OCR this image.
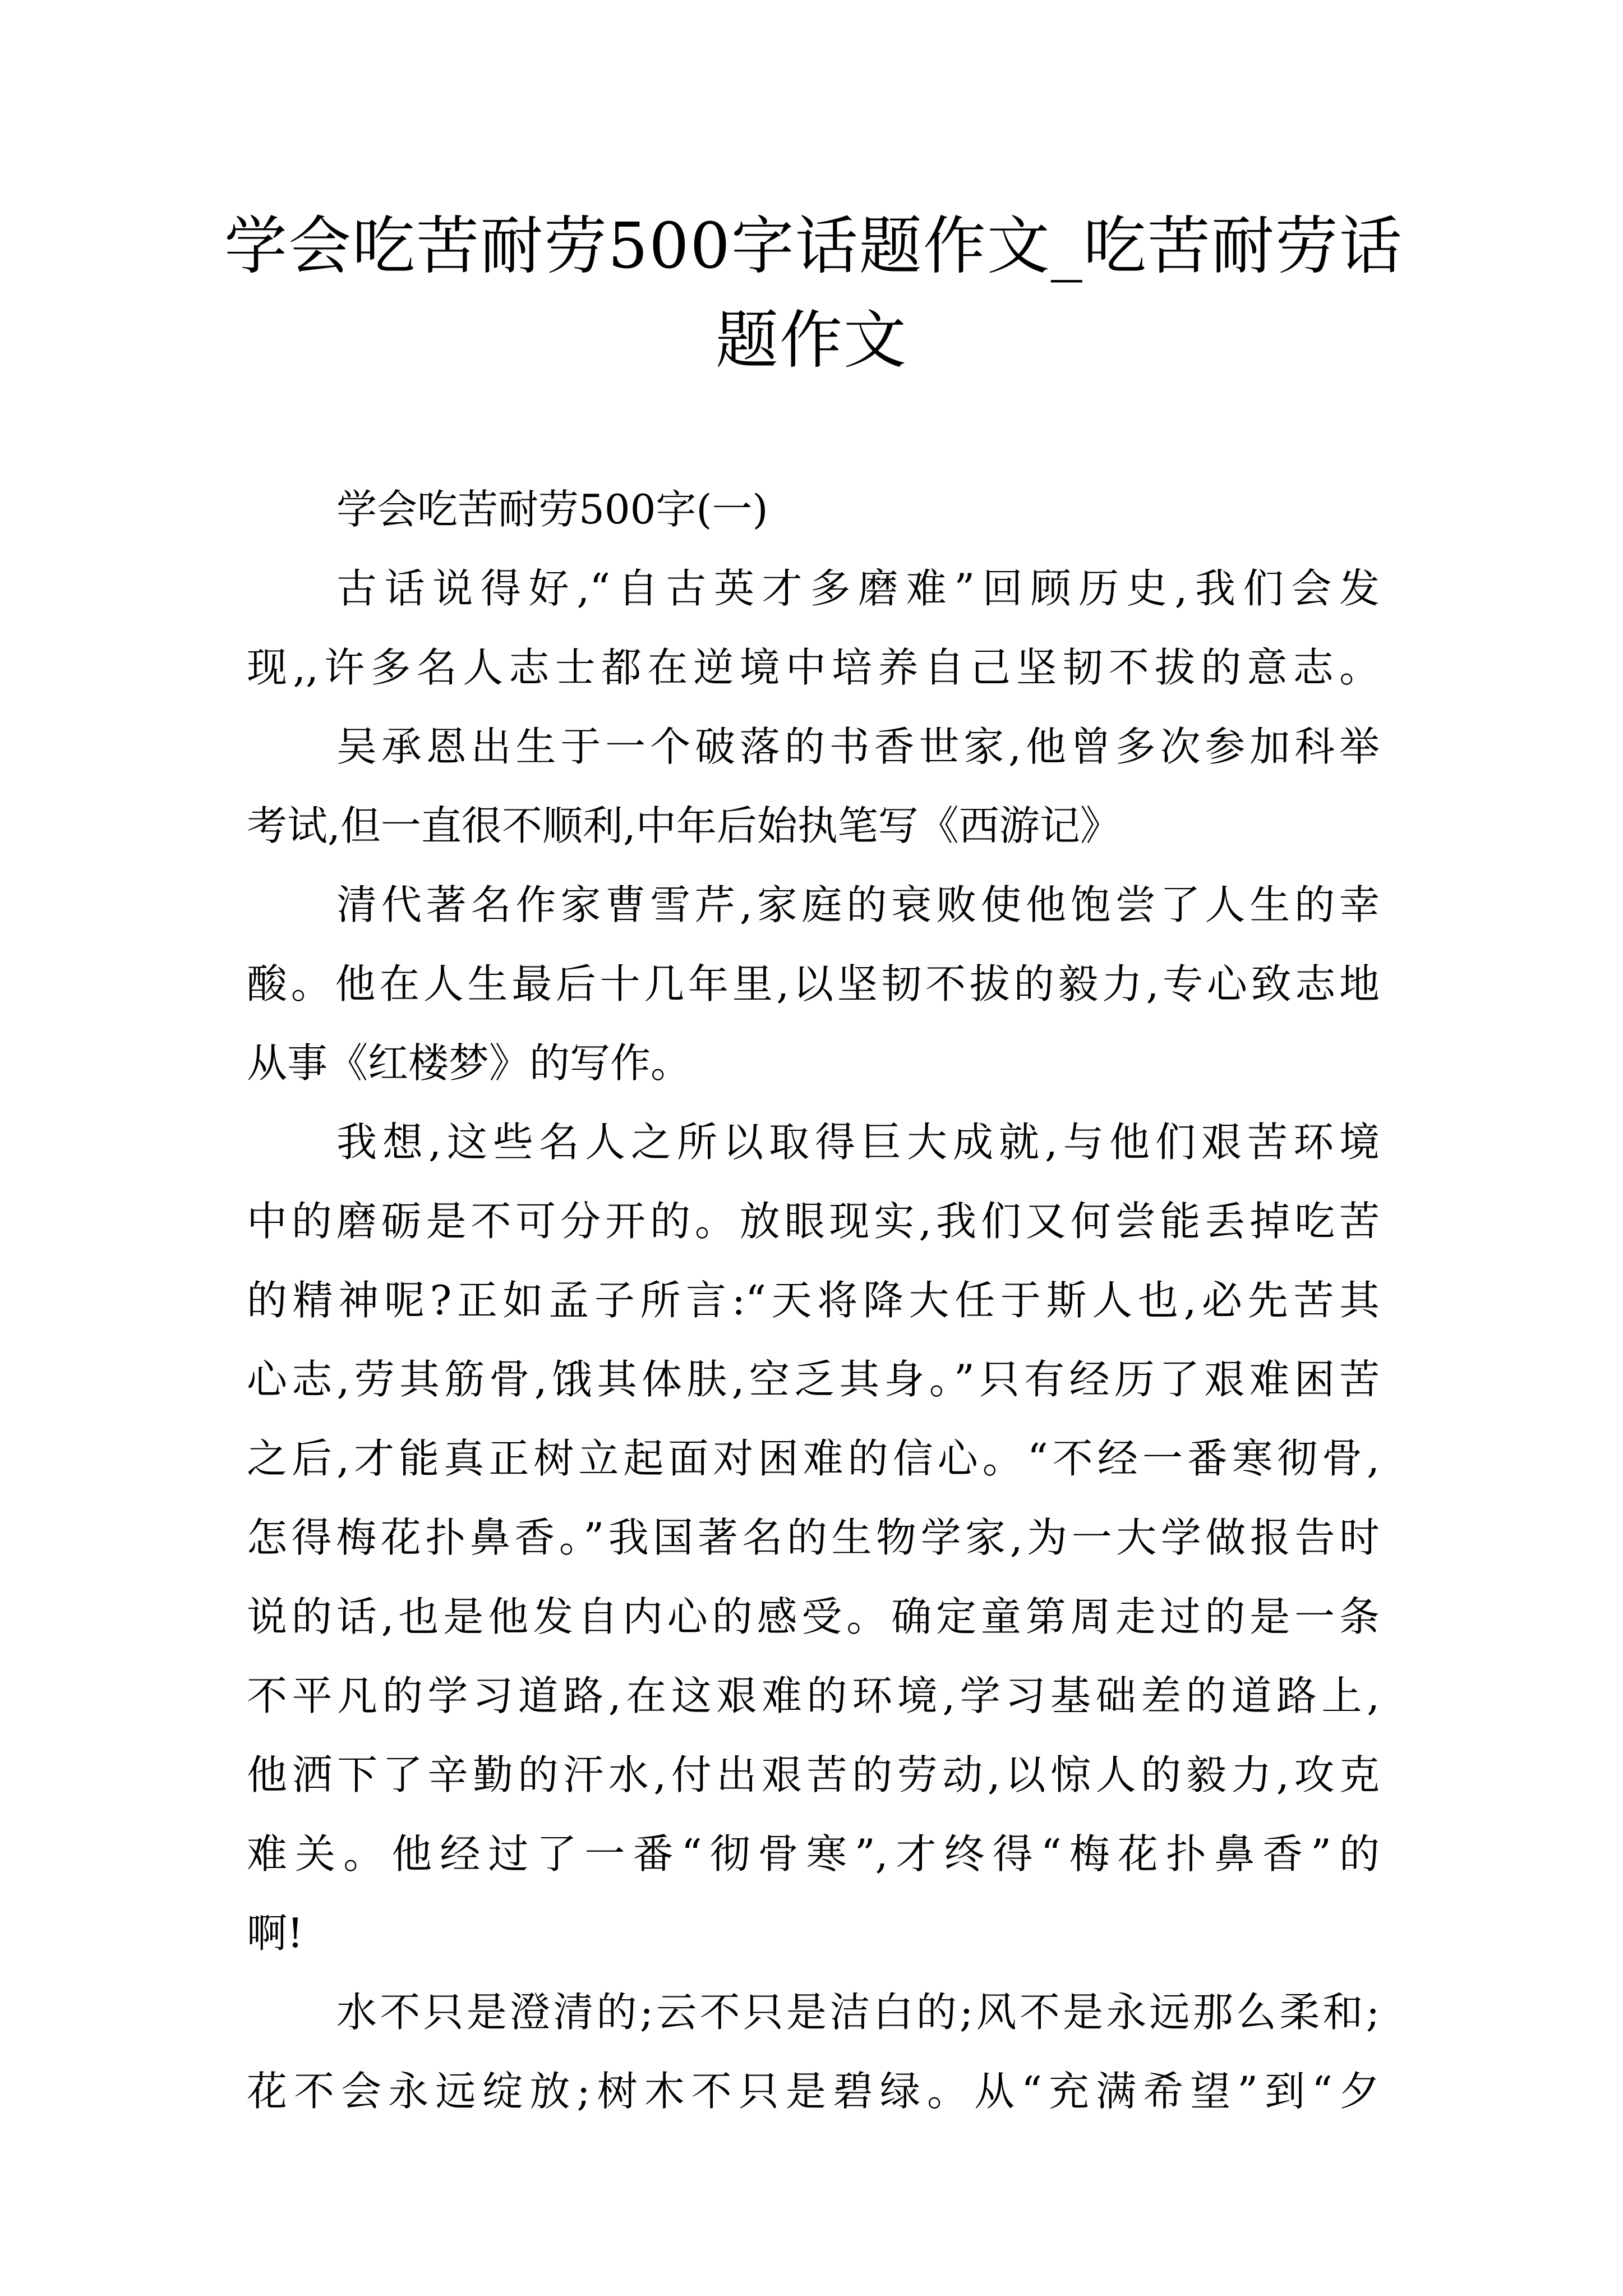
学会吃苦耐劳500字话题作文_吃苦耐劳话
题作文
学会吃苦耐劳500字(一)
古话说得好,“自古英才多磨难”回顾历史,我们会发
现,,许多名人志士都在逆境中培养自己坚韧不拔的意志。
吴承恩出生于一个破落的书香世家,他曾多次参加科举
考试,但一直很不顺利,中年后始执笔写《西游记》
清代著名作家曹雪芹,家庭的衰败使他饱尝了人生的幸
酸。他在人生最后十几年里,以坚韧不拔的毅力,专心致志地
从事《红楼梦》的写作。
我想,这些名人之所以取得巨大成就,与他们艰苦环境
中的磨砺是不可分开的。放眼现实,我们又何尝能丢掉吃苦
的精神呢?正如孟子所言:“天将降大任于斯人也,必先苦其
心志,劳其筋骨,饿其体肤,空乏其身。”只有经历了艰难困苦
之后,才能真正树立起面对困难的信心。“不经一番寒彻骨,
怎得梅花扑鼻香。”我国著名的生物学家,为一大学做报告时
说的话,也是他发自内心的感受。确定童第周走过的是一条
不平凡的学习道路,在这艰难的环境,学习基础差的道路上,
他洒下了辛勤的汗水,付出艰苦的劳动,以惊人的毅力,攻克
难关。他经过了一番“彻骨寒”,才终得“梅花扑鼻香”的
啊!
水不只是澄清的;云不只是洁白的;风不是永远那么柔和;
花不会永远绽放;树木不只是碧绿。从“充满希望”到“夕
